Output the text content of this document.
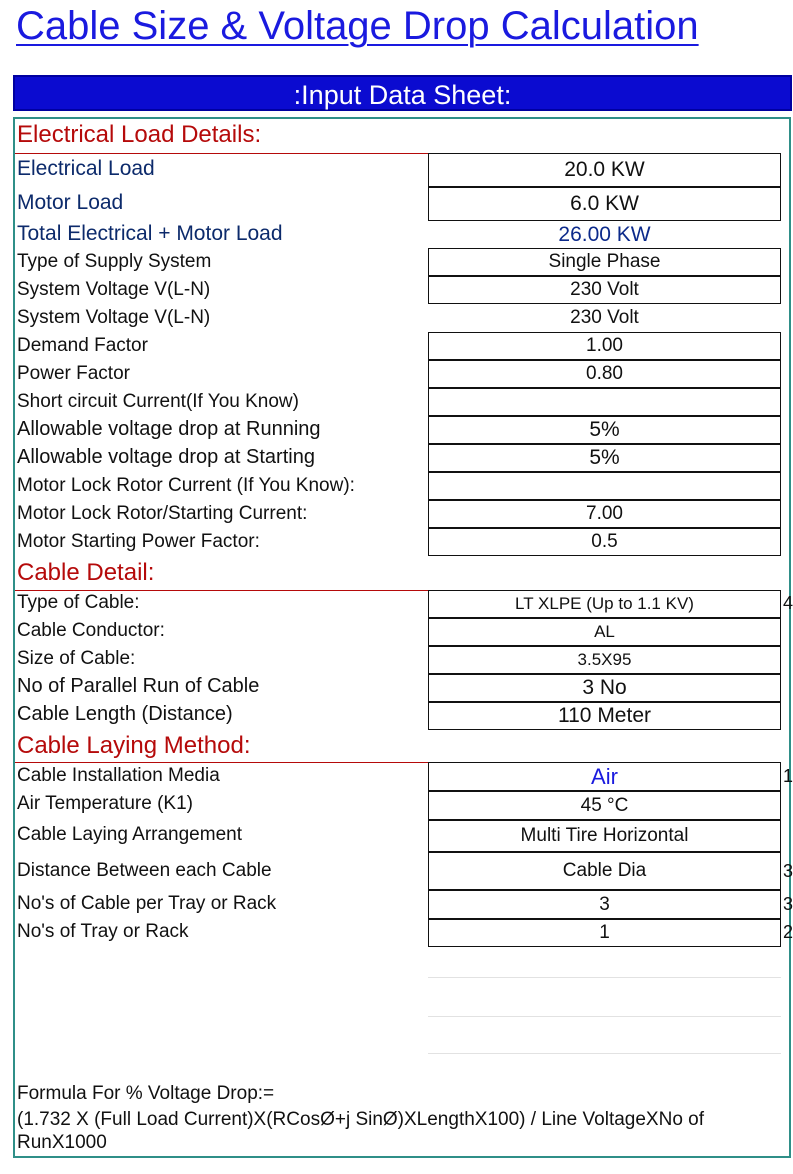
Cable Size & Voltage Drop Calculation
:Input Data Sheet:
Electrical Load Details:
Electrical Load	20.0 KW
Motor Load	6.0 KW
Total Electrical + Motor Load	26.00 KW
Type of Supply System	Single Phase
System Voltage V(L-N)	230 Volt
System Voltage V(L-N)	230 Volt
Demand Factor	1.00
Power Factor	0.80
Short circuit Current(If You Know)
Allowable voltage drop at Running	5%
Allowable voltage drop at Starting	5%
Motor Lock Rotor Current (If You Know):
Motor Lock Rotor/Starting Current:	7.00
Motor Starting Power Factor:	0.5
Cable Detail:
Type of Cable:	LT XLPE (Up to 1.1 KV)	4
Cable Conductor:	AL
Size of Cable:	3.5X95
No of Parallel Run of Cable	3 No
Cable Length (Distance)	110 Meter
Cable Laying Method:
Cable Installation Media	Air	1
Air Temperature (K1)	45 °C
Cable Laying Arrangement	Multi Tire Horizontal
Distance Between each Cable	Cable Dia	3
No's of Cable per Tray or Rack	3	3
No's of Tray or Rack	1	2
Formula For % Voltage Drop:=
(1.732 X (Full Load Current)X(RCosØ+j SinØ)XLengthX100) / Line VoltageXNo of RunX1000
